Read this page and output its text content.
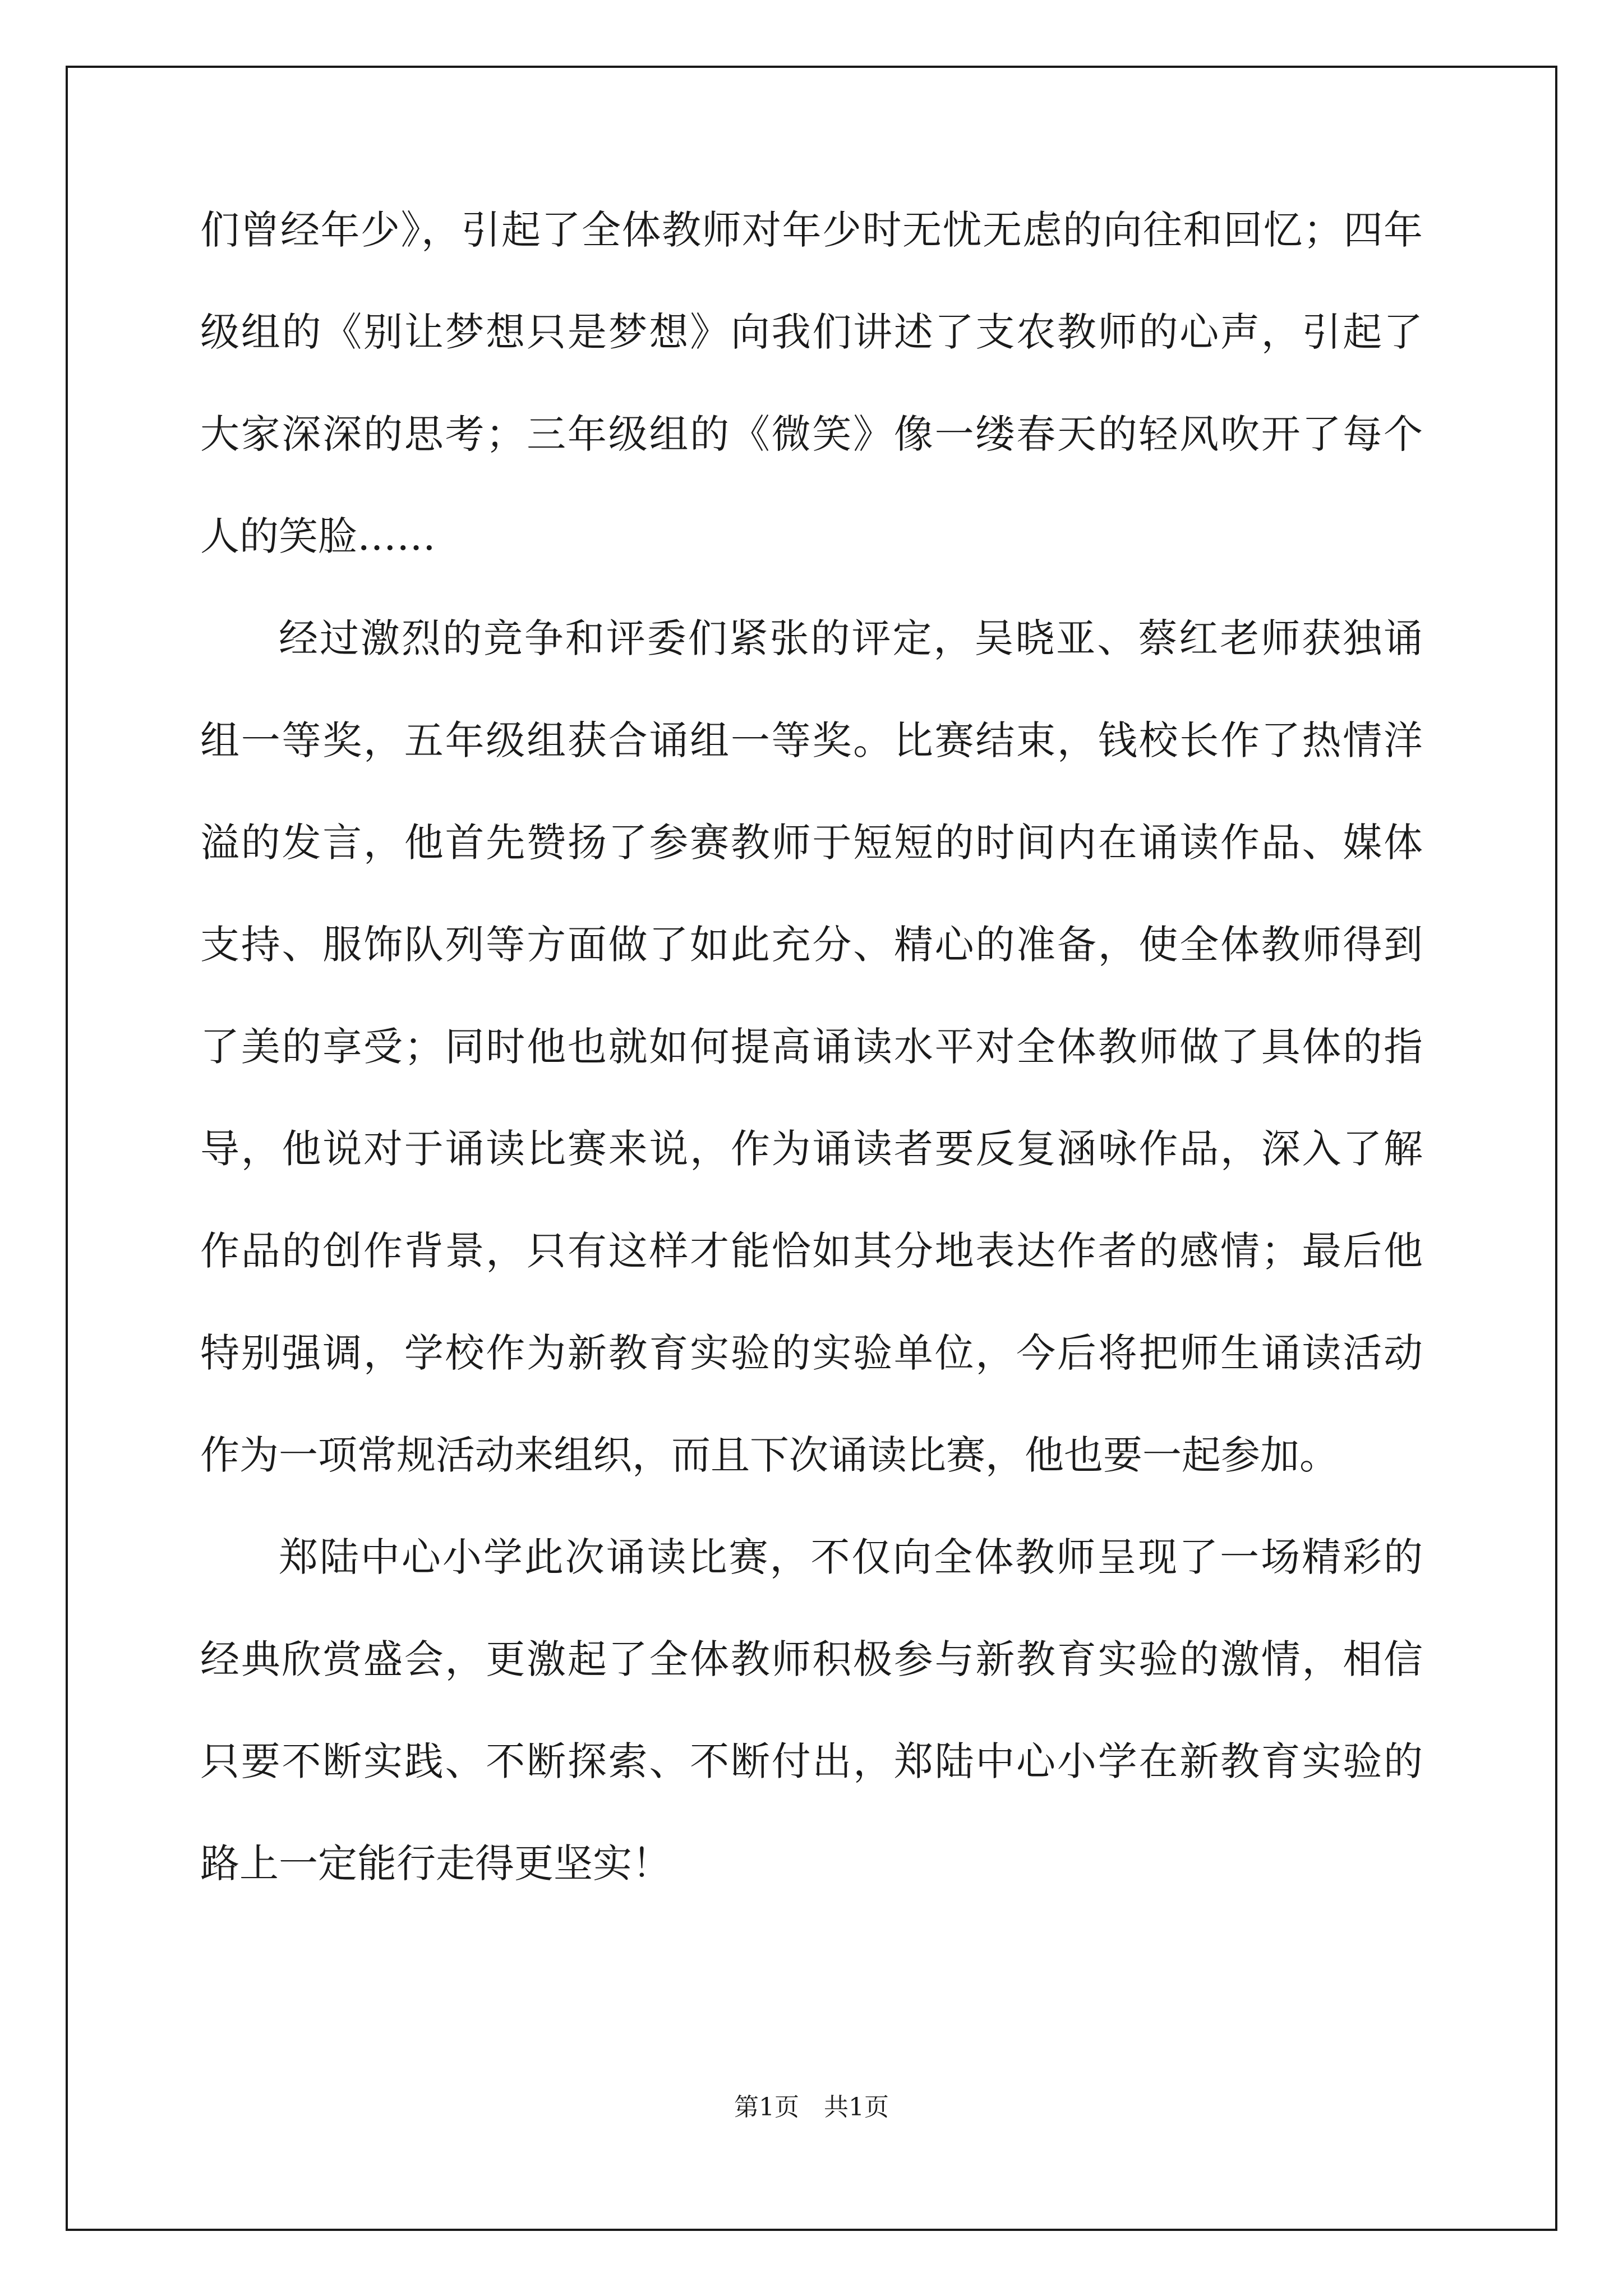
们曾经年少》，引起了全体教师对年少时无忧无虑的向往和回忆；四年
级组的《别让梦想只是梦想》向我们讲述了支农教师的心声，引起了
大家深深的思考；三年级组的《微笑》像一缕春天的轻风吹开了每个
人的笑脸……
经过激烈的竞争和评委们紧张的评定，吴晓亚、蔡红老师获独诵
组一等奖，五年级组获合诵组一等奖。比赛结束，钱校长作了热情洋
溢的发言，他首先赞扬了参赛教师于短短的时间内在诵读作品、媒体
支持、服饰队列等方面做了如此充分、精心的准备，使全体教师得到
了美的享受；同时他也就如何提高诵读水平对全体教师做了具体的指
导，他说对于诵读比赛来说，作为诵读者要反复涵咏作品，深入了解
作品的创作背景，只有这样才能恰如其分地表达作者的感情；最后他
特别强调，学校作为新教育实验的实验单位，今后将把师生诵读活动
作为一项常规活动来组织，而且下次诵读比赛，他也要一起参加。
郑陆中心小学此次诵读比赛，不仅向全体教师呈现了一场精彩的
经典欣赏盛会，更激起了全体教师积极参与新教育实验的激情，相信
只要不断实践、不断探索、不断付出，郑陆中心小学在新教育实验的
路上一定能行走得更坚实！
第1页　共1页
